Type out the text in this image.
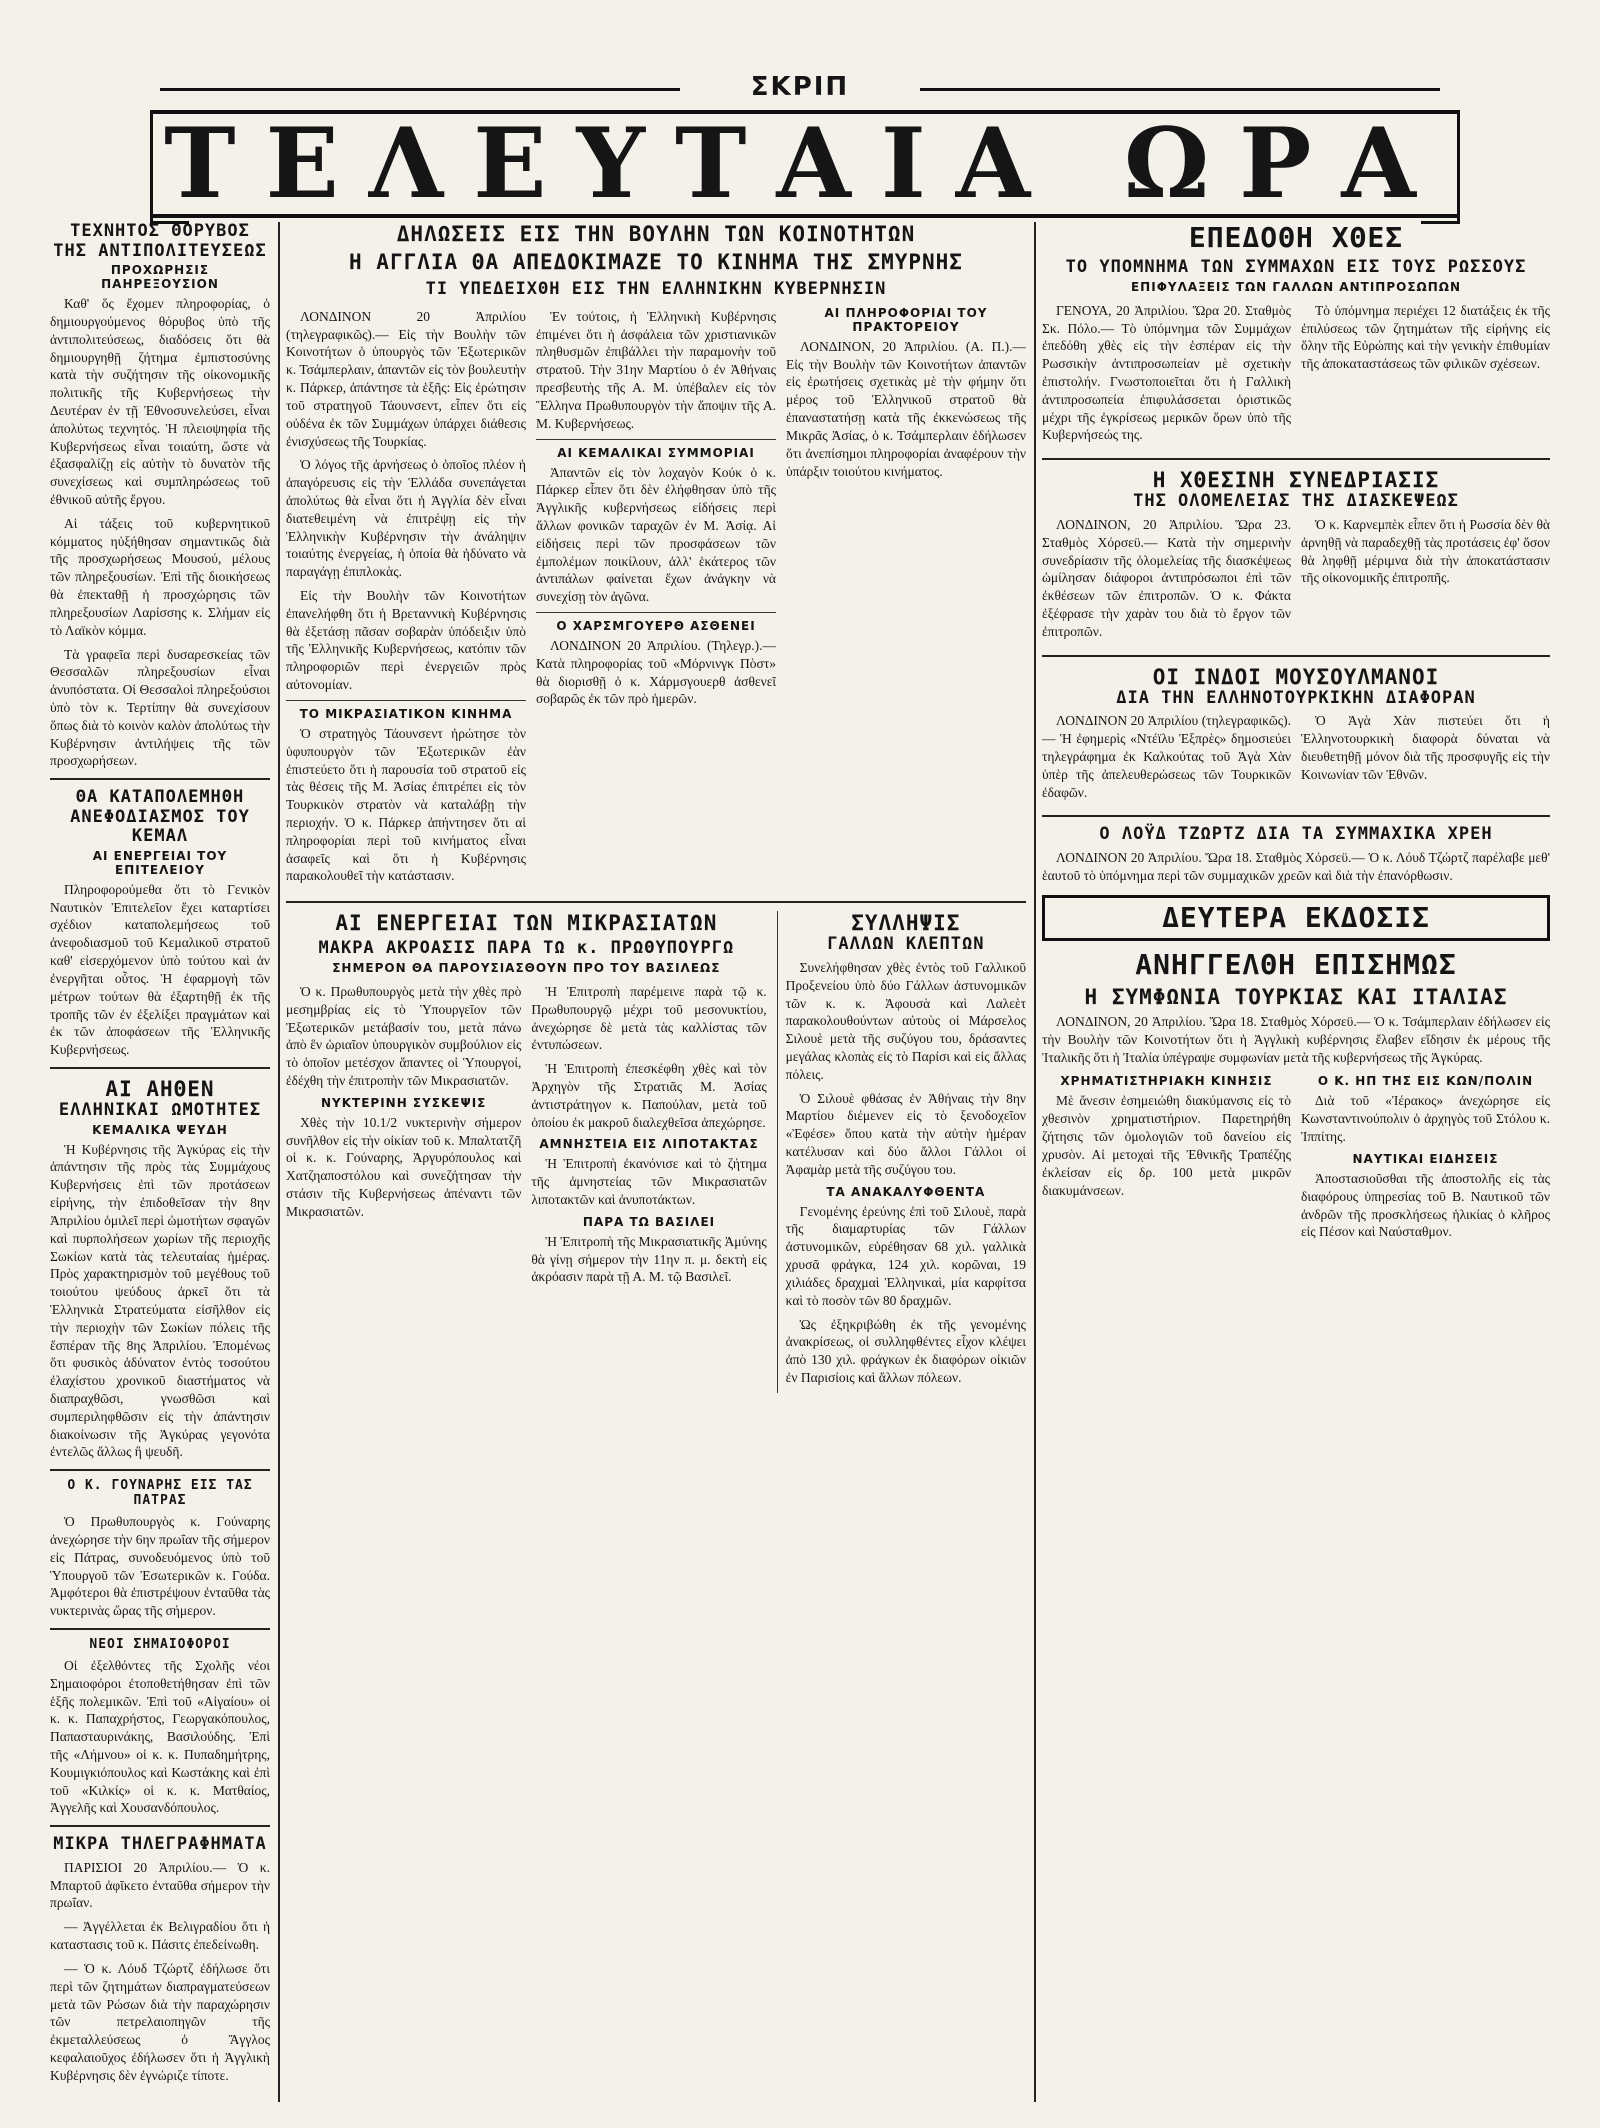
ΣΚΡΙΠ
ΤΕΛΕΥΤΑΙΑ ΩΡΑ
ΤΕΧΝΗΤΟΣ ΘΟΡΥΒΟΣ
ΤΗΣ ΑΝΤΙΠΟΛΙΤΕΥΣΕΩΣ
ΠΡΟΧΩΡΗΣΙΣ ΠΑΗΡΕΞΟΥΣΙΟΝ

Καθ' ὅς ἔχομεν πληροφορίας, ὁ δημιουργούμενος θόρυβος ὑπὸ τῆς ἀντιπολιτεύσεως, διαδόσεις ὅτι θὰ δημιουργηθῇ ζήτημα ἐμπιστοσύνης κατὰ τὴν συζήτησιν τῆς οἰκονομικῆς πολιτικῆς τῆς Κυβερνήσεως τὴν Δευτέραν ἐν τῇ Ἐθνοσυνελεύσει, εἶναι ἀπολύτως τεχνητός. Ἡ πλειοψηφία τῆς Κυβερνήσεως εἶναι τοιαύτη, ὥστε νὰ ἐξασφαλίζῃ εἰς αὐτὴν τὸ δυνατὸν τῆς συνεχίσεως καὶ συμπληρώσεως τοῦ ἐθνικοῦ αὐτῆς ἔργου.

Αἱ τάξεις τοῦ κυβερνητικοῦ κόμματος ηὐξήθησαν σημαντικῶς διὰ τῆς προσχωρήσεως Μουσού, μέλους τῶν πληρεξουσίων. Ἐπὶ τῆς διοικήσεως θὰ ἐπεκταθῇ ἡ προσχώρησις τῶν πληρεξουσίων Λαρίσσης κ. Σλήμαν εἰς τὸ Λαϊκὸν κόμμα.

Τὰ γραφεῖα περὶ δυσαρεσκείας τῶν Θεσσαλῶν πληρεξουσίων εἶναι ἀνυπόστατα. Οἱ Θεσσαλοὶ πληρεξούσιοι ὑπὸ τὸν κ. Τερτίπην θὰ συνεχίσουν ὅπως διὰ τὸ κοινὸν καλὸν ἀπολύτως τὴν Κυβέρνησιν ἀντιλήψεις τῆς τῶν προσχωρήσεων.

ΘΑ ΚΑΤΑΠΟΛΕΜΗΘΗ
ΑΝΕΦΟΔΙΑΣΜΟΣ ΤΟΥ ΚΕΜΑΛ
ΑΙ ΕΝΕΡΓΕΙΑΙ ΤΟΥ ΕΠΙΤΕΛΕΙΟΥ

Πληροφορούμεθα ὅτι τὸ Γενικὸν Ναυτικὸν Ἐπιτελεῖον ἔχει καταρτίσει σχέδιον καταπολεμήσεως τοῦ ἀνεφοδιασμοῦ τοῦ Κεμαλικοῦ στρατοῦ καθ' εἰσερχόμενον ὑπὸ τούτου καὶ ἀν ἐνεργῆται οὗτος. Ἡ ἐφαρμογὴ τῶν μέτρων τούτων θὰ ἐξαρτηθῇ ἐκ τῆς τροπῆς τῶν ἐν ἐξελίξει πραγμάτων καὶ ἐκ τῶν ἀποφάσεων τῆς Ἑλληνικῆς Κυβερνήσεως.

ΑΙ ΑΗΘΕΝ
ΕΛΛΗΝΙΚΑΙ ΩΜΟΤΗΤΕΣ
ΚΕΜΑΛΙΚΑ ΨΕΥΔΗ

Ἡ Κυβέρνησις τῆς Ἀγκύρας εἰς τὴν ἀπάντησιν τῆς πρὸς τὰς Συμμάχους Κυβερνήσεις ἐπὶ τῶν προτάσεων εἰρήνης, τὴν ἐπιδοθεῖσαν τὴν 8ην Ἀπριλίου ὁμιλεῖ περὶ ὠμοτήτων σφαγῶν καὶ πυρπολήσεων χωρίων τῆς περιοχῆς Σωκίων κατὰ τὰς τελευταίας ἡμέρας. Πρὸς χαρακτηρισμὸν τοῦ μεγέθους τοῦ τοιούτου ψεύδους ἀρκεῖ ὅτι τὰ Ἑλληνικὰ Στρατεύματα εἰσῆλθον εἰς τὴν περιοχὴν τῶν Σωκίων πόλεις τῆς ἔσπέραν τῆς 8ης Ἀπριλίου. Ἐπομένως ὅτι φυσικὸς ἀδύνατον ἐντὸς τοσούτου ἐλαχίστου χρονικοῦ διαστήματος νὰ διαπραχθῶσι, γνωσθῶσι καὶ συμπεριληφθῶσιν εἰς τὴν ἀπάντησιν διακοίνωσιν τῆς Ἀγκύρας γεγονότα ἐντελῶς ἄλλως ἢ ψευδῆ.

Ο Κ. ΓΟΥΝΑΡΗΣ ΕΙΣ ΤΑΣ ΠΑΤΡΑΣ

Ὁ Πρωθυπουργὸς κ. Γούναρης ἀνεχώρησε τὴν 6ην πρωΐαν τῆς σήμερον εἰς Πάτρας, συνοδευόμενος ὑπὸ τοῦ Ὑπουργοῦ τῶν Ἐσωτερικῶν κ. Γούδα. Ἀμφότεροι θὰ ἐπιστρέψουν ἐνταῦθα τὰς νυκτερινὰς ὥρας τῆς σήμερον.

ΝΕΟΙ ΣΗΜΑΙΟΦΟΡΟΙ

Οἱ ἐξελθόντες τῆς Σχολῆς νέοι Σημαιοφόροι ἐτοποθετήθησαν ἐπὶ τῶν ἑξῆς πολεμικῶν. Ἐπὶ τοῦ «Αἰγαίου» οἱ κ. κ. Παπαχρήστος, Γεωργακόπουλος, Παπασταυρινάκης, Βασιλούδης. Ἐπὶ τῆς «Λήμνου» οἱ κ. κ. Πυπαδημήτρης, Κουμιγκιόπουλος καὶ Κωστάκης καὶ ἐπὶ τοῦ «Κιλκίς» οἱ κ. κ. Ματθαίος, Ἀγγελῆς καὶ Χουσανδόπουλος.

ΜΙΚΡΑ ΤΗΛΕΓΡΑΦΗΜΑΤΑ

ΠΑΡΙΣΙΟΙ 20 Ἀπριλίου.— Ὁ κ. Μπαρτοῦ ἀφῖκετο ἐνταῦθα σήμερον τὴν πρωΐαν.

— Ἀγγέλλεται ἐκ Βελιγραδίου ὅτι ἡ καταστασις τοῦ κ. Πάσιτς ἐπεδείνωθη.

— Ὁ κ. Λόυδ Τζώρτζ ἐδήλωσε ὅτι περὶ τῶν ζητημάτων διαπραγματεύσεων μετὰ τῶν Ρώσων διὰ τὴν παραχώρησιν τῶν πετρελαιοπηγῶν τῆς ἐκμεταλλεύσεως ὁ Ἄγγλος κεφαλαιοῦχος ἐδήλωσεν ὅτι ἡ Ἀγγλικὴ Κυβέρνησις δὲν ἐγνώριζε τίποτε.

ΔΗΛΩΣΕΙΣ ΕΙΣ ΤΗΝ ΒΟΥΛΗΝ ΤΩΝ ΚΟΙΝΟΤΗΤΩΝ
Η ΑΓΓΛΙΑ ΘΑ ΑΠΕΔΟΚΙΜΑΖΕ ΤΟ ΚΙΝΗΜΑ ΤΗΣ ΣΜΥΡΝΗΣ
ΤΙ ΥΠΕΔΕΙΧΘΗ ΕΙΣ ΤΗΝ ΕΛΛΗΝΙΚΗΝ ΚΥΒΕΡΝΗΣΙΝ

ΛΟΝΔΙΝΟΝ 20 Ἀπριλίου (τηλεγραφικῶς).— Εἰς τὴν Βουλὴν τῶν Κοινοτήτων ὁ ὑπουργὸς τῶν Ἐξωτερικῶν κ. Τσάμπερλαιν, ἀπαντῶν εἰς τὸν βουλευτὴν κ. Πάρκερ, ἀπάντησε τὰ ἑξῆς: Εἰς ἐρώτησιν τοῦ στρατηγοῦ Τάουνσεντ, εἶπεν ὅτι εἰς οὐδένα ἐκ τῶν Συμμάχων ὑπάρχει διάθεσις ἐνισχύσεως τῆς Τουρκίας.

Ὁ λόγος τῆς ἀρνήσεως ὁ ὁποῖος πλέον ἡ ἀπαγόρευσις εἰς τὴν Ἑλλάδα συνεπάγεται ἀπολύτως θὰ εἶναι ὅτι ἡ Ἀγγλία δὲν εἶναι διατεθειμένη νὰ ἐπιτρέψῃ εἰς τὴν Ἑλληνικὴν Κυβέρνησιν τὴν ἀνάληψιν τοιαύτης ἐνεργείας, ἡ ὁποία θὰ ἠδύνατο νὰ παραγάγῃ ἐπιπλοκὰς.

Εἰς τὴν Βουλὴν τῶν Κοινοτήτων ἐπανελήφθη ὅτι ἡ Βρεταννικὴ Κυβέρνησις θὰ ἐξετάσῃ πᾶσαν σοβαρὰν ὑπόδειξιν ὑπὸ τῆς Ἑλληνικῆς Κυβερνήσεως, κατόπιν τῶν πληροφοριῶν περὶ ἐνεργειῶν πρὸς αὐτονομίαν.

ΤΟ ΜΙΚΡΑΣΙΑΤΙΚΟΝ ΚΙΝΗΜΑ

Ὁ στρατηγὸς Τάουνσεντ ἠρώτησε τὸν ὑφυπουργὸν τῶν Ἐξωτερικῶν ἐὰν ἐπιστεύετο ὅτι ἡ παρουσία τοῦ στρατοῦ εἰς τὰς θέσεις τῆς Μ. Ἀσίας ἐπιτρέπει εἰς τὸν Τουρκικὸν στρατὸν νὰ καταλάβῃ τὴν περιοχήν. Ὁ κ. Πάρκερ ἀπήντησεν ὅτι αἱ πληροφορίαι περὶ τοῦ κινήματος εἶναι ἀσαφεῖς καὶ ὅτι ἡ Κυβέρνησις παρακολουθεῖ τὴν κατάστασιν.

Ἐν τούτοις, ἡ Ἑλληνικὴ Κυβέρνησις ἐπιμένει ὅτι ἡ ἀσφάλεια τῶν χριστιανικῶν πληθυσμῶν ἐπιβάλλει τὴν παραμονὴν τοῦ στρατοῦ. Τὴν 31ην Μαρτίου ὁ ἐν Ἀθήναις πρεσβευτὴς τῆς Α. Μ. ὑπέβαλεν εἰς τὸν Ἕλληνα Πρωθυπουργὸν τὴν ἄποψιν τῆς Α. Μ. Κυβερνήσεως.

ΑΙ ΚΕΜΑΛΙΚΑΙ ΣΥΜΜΟΡΙΑΙ

Ἀπαντῶν εἰς τὸν λοχαγὸν Κούκ ὁ κ. Πάρκερ εἶπεν ὅτι δὲν ἐλήφθησαν ὑπὸ τῆς Ἀγγλικῆς κυβερνήσεως εἰδήσεις περὶ ἄλλων φονικῶν ταραχῶν ἐν Μ. Ἀσίᾳ. Αἱ εἰδήσεις περὶ τῶν προσφάσεων τῶν ἐμπολέμων ποικίλουν, ἀλλ' ἑκάτερος τῶν ἀντιπάλων φαίνεται ἔχων ἀνάγκην νὰ συνεχίσῃ τὸν ἀγῶνα.

Ο ΧΑΡΣΜΓΟΥΕΡΘ ΑΣΘΕΝΕΙ

ΛΟΝΔΙΝΟΝ 20 Ἀπριλίου. (Τηλεγρ.).— Κατὰ πληροφορίας τοῦ «Μόρνινγκ Πὸστ» θὰ διορισθῇ ὁ κ. Χάρμσγουερθ ἀσθενεῖ σοβαρῶς ἐκ τῶν πρὸ ἡμερῶν.

ΑΙ ΠΛΗΡΟΦΟΡΙΑΙ ΤΟΥ ΠΡΑΚΤΟΡΕΙΟΥ

ΛΟΝΔΙΝΟΝ, 20 Ἀπριλίου. (Α. Π.).— Εἰς τὴν Βουλὴν τῶν Κοινοτήτων ἀπαντῶν εἰς ἐρωτήσεις σχετικὰς μὲ τὴν φήμην ὅτι μέρος τοῦ Ἑλληνικοῦ στρατοῦ θὰ ἐπαναστατήσῃ κατὰ τῆς ἐκκενώσεως τῆς Μικρᾶς Ἀσίας, ὁ κ. Τσάμπερλαιν ἐδήλωσεν ὅτι ἀνεπίσημοι πληροφορίαι ἀναφέρουν τὴν ὑπάρξιν τοιούτου κινήματος.

ΑΙ ΕΝΕΡΓΕΙΑΙ ΤΩΝ ΜΙΚΡΑΣΙΑΤΩΝ
ΜΑΚΡΑ ΑΚΡΟΑΣΙΣ ΠΑΡΑ ΤΩ κ. ΠΡΩΘΥΠΟΥΡΓΩ
ΣΗΜΕΡΟΝ ΘΑ ΠΑΡΟΥΣΙΑΣΘΟΥΝ ΠΡΟ ΤΟΥ ΒΑΣΙΛΕΩΣ

Ὁ κ. Πρωθυπουργὸς μετὰ τὴν χθὲς πρὸ μεσημβρίας εἰς τὸ Ὑπουργεῖον τῶν Ἐξωτερικῶν μετάβασίν του, μετὰ πάνω ἀπὸ ἓν ὡριαῖον ὑπουργικὸν συμβούλιον εἰς τὸ ὁποῖον μετέσχον ἅπαντες οἱ Ὑπουργοί, ἐδέχθη τὴν ἐπιτροπὴν τῶν Μικρασιατῶν.

ΝΥΚΤΕΡΙΝΗ ΣΥΣΚΕΨΙΣ

Χθὲς τὴν 10.1/2 νυκτερινὴν σήμερον συνῆλθον εἰς τὴν οἰκίαν τοῦ κ. Μπαλτατζῆ οἱ κ. κ. Γούναρης, Ἀργυρόπουλος καὶ Χατζηαποστόλου καὶ συνεζήτησαν τὴν στάσιν τῆς Κυβερνήσεως ἀπέναντι τῶν Μικρασιατῶν.

Ἡ Ἐπιτροπὴ παρέμεινε παρὰ τῷ κ. Πρωθυπουργῷ μέχρι τοῦ μεσονυκτίου, ἀνεχώρησε δὲ μετὰ τὰς καλλίστας τῶν ἐντυπώσεων.

Ἡ Ἐπιτροπὴ ἐπεσκέφθη χθὲς καὶ τὸν Ἀρχηγὸν τῆς Στρατιᾶς Μ. Ἀσίας ἀντιστράτηγον κ. Παπούλαν, μετὰ τοῦ ὁποίου ἐκ μακροῦ διαλεχθεῖσα ἀπεχώρησε.

ΑΜΝΗΣΤΕΙΑ ΕΙΣ ΛΙΠΟΤΑΚΤΑΣ

Ἡ Ἐπιτροπὴ ἐκανόνισε καὶ τὸ ζήτημα τῆς ἀμνηστείας τῶν Μικρασιατῶν λιποτακτῶν καὶ ἀνυποτάκτων.

ΠΑΡΑ ΤΩ ΒΑΣΙΛΕΙ

Ἡ Ἐπιτροπὴ τῆς Μικρασιατικῆς Ἀμύνης θὰ γίνῃ σήμερον τὴν 11ην π. μ. δεκτὴ εἰς ἀκρόασιν παρὰ τῇ Α. Μ. τῷ Βασιλεῖ.

ΣΥΛΛΗΨΙΣ
ΓΑΛΛΩΝ ΚΛΕΠΤΩΝ

Συνελήφθησαν χθὲς ἐντὸς τοῦ Γαλλικοῦ Προξενείου ὑπὸ δύο Γάλλων ἀστυνομικῶν τῶν κ. κ. Ἀφουσὰ καὶ Λαλεὲτ παρακολουθούντων αὐτοὺς οἱ Μάρσελος Σιλουὲ μετὰ τῆς συζύγου του, δράσαντες μεγάλας κλοπὰς εἰς τὸ Παρίσι καὶ εἰς ἄλλας πόλεις.

Ὁ Σιλουὲ φθάσας ἐν Ἀθήναις τὴν 8ην Μαρτίου διέμενεν εἰς τὸ ξενοδοχεῖον «Ἐφέσε» ὅπου κατὰ τὴν αὐτὴν ἡμέραν κατέλυσαν καὶ δύο ἄλλοι Γάλλοι οἱ Ἀφαμὰρ μετὰ τῆς συζύγου του.

ΤΑ ΑΝΑΚΑΛΥΦΘΕΝΤΑ

Γενομένης ἐρεύνης ἐπὶ τοῦ Σιλουὲ, παρὰ τῆς διαμαρτυρίας τῶν Γάλλων ἀστυνομικῶν, εὑρέθησαν 68 χιλ. γαλλικὰ χρυσᾶ φράγκα, 124 χιλ. κορῶναι, 19 χιλιάδες δραχμαὶ Ἑλληνικαὶ, μία καρφίτσα καὶ τὸ ποσὸν τῶν 80 δραχμῶν.

Ὡς ἐξηκριβώθη ἐκ τῆς γενομένης ἀνακρίσεως, οἱ συλληφθέντες εἶχον κλέψει ἀπὸ 130 χιλ. φράγκων ἐκ διαφόρων οἰκιῶν ἐν Παρισίοις καὶ ἄλλων πόλεων.

ΕΠΕΔΟΘΗ ΧΘΕΣ
ΤΟ ΥΠΟΜΝΗΜΑ ΤΩΝ ΣΥΜΜΑΧΩΝ ΕΙΣ ΤΟΥΣ ΡΩΣΣΟΥΣ
ΕΠΙΦΥΛΑΞΕΙΣ ΤΩΝ ΓΑΛΛΩΝ ΑΝΤΙΠΡΟΣΩΠΩΝ

ΓΕΝΟΥΑ, 20 Ἀπριλίου. Ὥρα 20. Σταθμὸς Σκ. Πόλο.— Τὸ ὑπόμνημα τῶν Συμμάχων ἐπεδόθη χθὲς εἰς τὴν ἑσπέραν εἰς τὴν Ρωσσικὴν ἀντιπροσωπείαν μὲ σχετικὴν ἐπιστολήν. Γνωστοποιεῖται ὅτι ἡ Γαλλικὴ ἀντιπροσωπεία ἐπιφυλάσσεται ὁριστικῶς μέχρι τῆς ἐγκρίσεως μερικῶν ὅρων ὑπὸ τῆς Κυβερνήσεώς της.

Τὸ ὑπόμνημα περιέχει 12 διατάξεις ἐκ τῆς ἐπιλύσεως τῶν ζητημάτων τῆς εἰρήνης εἰς ὅλην τῆς Εὐρώπης καὶ τὴν γενικὴν ἐπιθυμίαν τῆς ἀποκαταστάσεως τῶν φιλικῶν σχέσεων.

Η ΧΘΕΣΙΝΗ ΣΥΝΕΔΡΙΑΣΙΣ
ΤΗΣ ΟΛΟΜΕΛΕΙΑΣ ΤΗΣ ΔΙΑΣΚΕΨΕΩΣ

ΛΟΝΔΙΝΟΝ, 20 Ἀπριλίου. Ὥρα 23. Σταθμὸς Χόρσεϋ.— Κατὰ τὴν σημερινὴν συνεδρίασιν τῆς ὁλομελείας τῆς διασκέψεως ὡμίλησαν διάφοροι ἀντιπρόσωποι ἐπὶ τῶν ἐκθέσεων τῶν ἐπιτροπῶν. Ὁ κ. Φάκτα ἐξέφρασε τὴν χαρὰν του διὰ τὸ ἔργον τῶν ἐπιτροπῶν.

Ὁ κ. Καρνεμπὲκ εἶπεν ὅτι ἡ Ρωσσία δὲν θὰ ἀρνηθῇ νὰ παραδεχθῇ τὰς προτάσεις ἐφ' ὅσον θὰ ληφθῇ μέριμνα διὰ τὴν ἀποκατάστασιν τῆς οἰκονομικῆς ἐπιτροπῆς.

ΟΙ ΙΝΔΟΙ ΜΟΥΣΟΥΛΜΑΝΟΙ
ΔΙΑ ΤΗΝ ΕΛΛΗΝΟΤΟΥΡΚΙΚΗΝ ΔΙΑΦΟΡΑΝ

ΛΟΝΔΙΝΟΝ 20 Ἀπριλίου (τηλεγραφικῶς).— Ἡ ἐφημερὶς «Ντέϊλυ Ἐξπρὲς» δημοσιεύει τηλεγράφημα ἐκ Καλκούτας τοῦ Ἀγὰ Χὰν ὑπὲρ τῆς ἀπελευθερώσεως τῶν Τουρκικῶν ἐδαφῶν.

Ὁ Ἀγὰ Χὰν πιστεύει ὅτι ἡ Ἑλληνοτουρκικὴ διαφορὰ δύναται νὰ διευθετηθῇ μόνον διὰ τῆς προσφυγῆς εἰς τὴν Κοινωνίαν τῶν Ἐθνῶν.

Ο ΛΟΫΔ ΤΖΩΡΤΖ ΔΙΑ ΤΑ ΣΥΜΜΑΧΙΚΑ ΧΡΕΗ

ΛΟΝΔΙΝΟΝ 20 Ἀπριλίου. Ὥρα 18. Σταθμὸς Χόρσεϋ.— Ὁ κ. Λόυδ Τζώρτζ παρέλαβε μεθ' ἑαυτοῦ τὸ ὑπόμνημα περὶ τῶν συμμαχικῶν χρεῶν καὶ διὰ τὴν ἐπανόρθωσιν.

ΔΕΥΤΕΡΑ ΕΚΔΟΣΙΣ
ΑΝΗΓΓΕΛΘΗ ΕΠΙΣΗΜΩΣ
Η ΣΥΜΦΩΝΙΑ ΤΟΥΡΚΙΑΣ ΚΑΙ ΙΤΑΛΙΑΣ

ΛΟΝΔΙΝΟΝ, 20 Ἀπριλίου. Ὥρα 18. Σταθμὸς Χόρσεϋ.— Ὁ κ. Τσάμπερλαιν ἐδήλωσεν εἰς τὴν Βουλὴν τῶν Κοινοτήτων ὅτι ἡ Ἀγγλικὴ κυβέρνησις ἔλαβεν εἴδησιν ἐκ μέρους τῆς Ἰταλικῆς ὅτι ἡ Ἰταλία ὑπέγραψε συμφωνίαν μετὰ τῆς κυβερνήσεως τῆς Ἀγκύρας.

ΧΡΗΜΑΤΙΣΤΗΡΙΑΚΗ ΚΙΝΗΣΙΣ

Μὲ ἄνεσιν ἐσημειώθη διακύμανσις εἰς τὸ χθεσινὸν χρηματιστήριον. Παρετηρήθη ζήτησις τῶν ὁμολογιῶν τοῦ δανείου εἰς χρυσὸν. Αἱ μετοχαὶ τῆς Ἐθνικῆς Τραπέζης ἐκλείσαν εἰς δρ. 100 μετὰ μικρῶν διακυμάνσεων.

Ο Κ. ΗΠ ΤΗΣ ΕΙΣ ΚΩΝ/ΠΟΛΙΝ

Διὰ τοῦ «Ἱέρακος» ἀνεχώρησε εἰς Κωνσταντινούπολιν ὁ ἀρχηγὸς τοῦ Στόλου κ. Ἰππίτης.

ΝΑΥΤΙΚΑΙ ΕΙΔΗΣΕΙΣ

Ἀποστασιοῦσθαι τῆς ἀποστολῆς εἰς τὰς διαφόρους ὑπηρεσίας τοῦ Β. Ναυτικοῦ τῶν ἀνδρῶν τῆς προσκλήσεως ἡλικίας ὁ κλῆρος εἰς Πέσον καὶ Ναύσταθμον.
